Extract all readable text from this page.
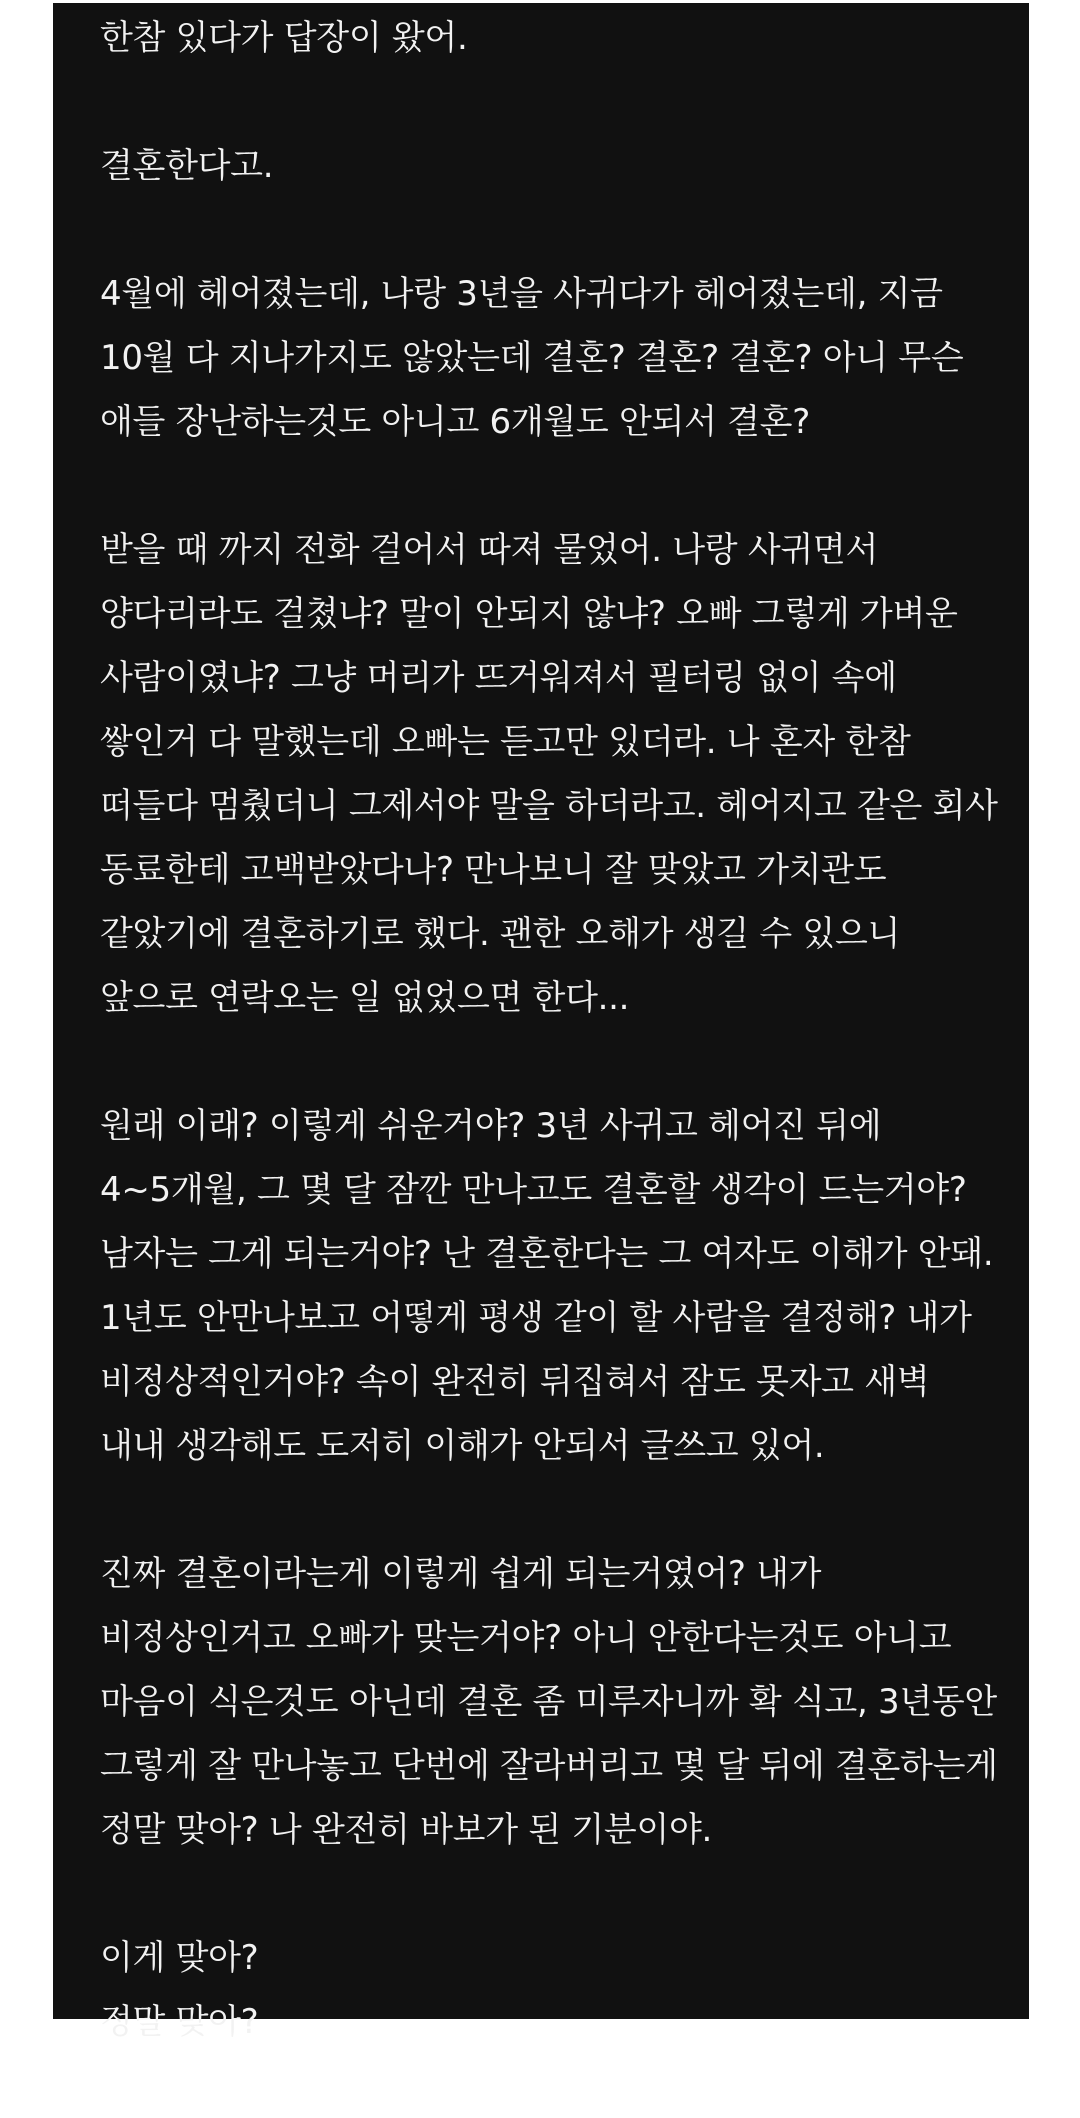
한참 있다가 답장이 왔어.
결혼한다고.
4월에 헤어졌는데, 나랑 3년을 사귀다가 헤어졌는데, 지금
10월 다 지나가지도 않았는데 결혼? 결혼? 결혼? 아니 무슨
애들 장난하는것도 아니고 6개월도 안되서 결혼?
받을 때 까지 전화 걸어서 따져 물었어. 나랑 사귀면서
양다리라도 걸쳤냐? 말이 안되지 않냐? 오빠 그렇게 가벼운
사람이였냐? 그냥 머리가 뜨거워져서 필터링 없이 속에
쌓인거 다 말했는데 오빠는 듣고만 있더라. 나 혼자 한참
떠들다 멈췄더니 그제서야 말을 하더라고. 헤어지고 같은 회사
동료한테 고백받았다나? 만나보니 잘 맞았고 가치관도
같았기에 결혼하기로 했다. 괜한 오해가 생길 수 있으니
앞으로 연락오는 일 없었으면 한다...
원래 이래? 이렇게 쉬운거야? 3년 사귀고 헤어진 뒤에
4~5개월, 그 몇 달 잠깐 만나고도 결혼할 생각이 드는거야?
남자는 그게 되는거야? 난 결혼한다는 그 여자도 이해가 안돼.
1년도 안만나보고 어떻게 평생 같이 할 사람을 결정해? 내가
비정상적인거야? 속이 완전히 뒤집혀서 잠도 못자고 새벽
내내 생각해도 도저히 이해가 안되서 글쓰고 있어.
진짜 결혼이라는게 이렇게 쉽게 되는거였어? 내가
비정상인거고 오빠가 맞는거야? 아니 안한다는것도 아니고
마음이 식은것도 아닌데 결혼 좀 미루자니까 확 식고, 3년동안
그렇게 잘 만나놓고 단번에 잘라버리고 몇 달 뒤에 결혼하는게
정말 맞아? 나 완전히 바보가 된 기분이야.
이게 맞아?
정말 맞아?
